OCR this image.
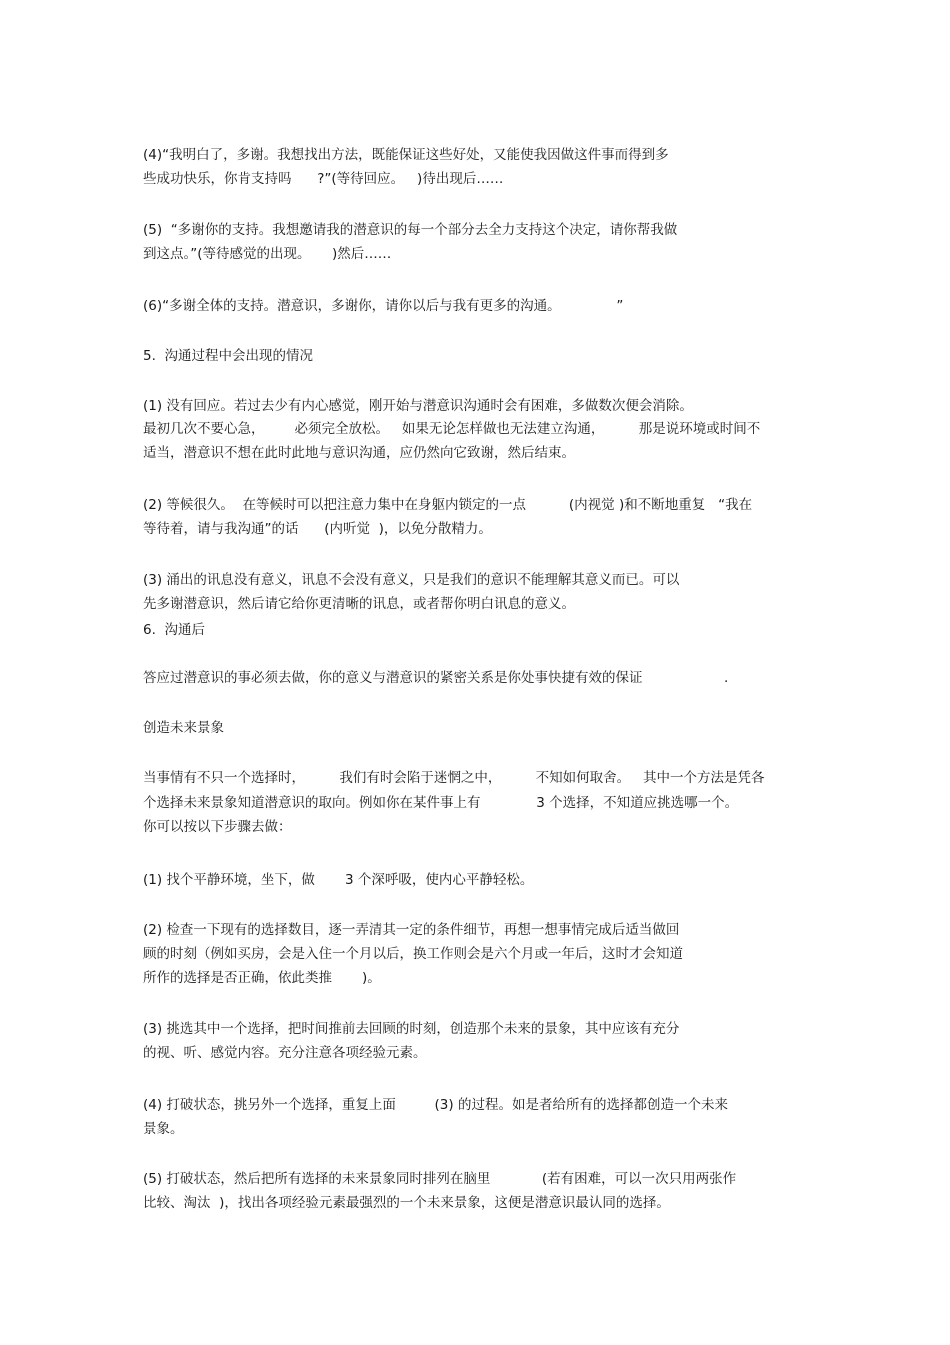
(4)“我明白了，多谢。我想找出方法，既能保证这些好处，又能使我因做这件事而得到多
些成功快乐，你肯支持吗      ?”(等待回应。   )待出现后……
(5)  “多谢你的支持。我想邀请我的潜意识的每一个部分去全力支持这个决定，请你帮我做
到这点。”(等待感觉的出现。     )然后……
(6)“多谢全体的支持。潜意识，多谢你，请你以后与我有更多的沟通。             ”
5.  沟通过程中会出现的情况
(1) 没有回应。若过去少有内心感觉，刚开始与潜意识沟通时会有困难，多做数次便会消除。
最初几次不要心急，       必须完全放松。   如果无论怎样做也无法建立沟通，        那是说环境或时间不
适当，潜意识不想在此时此地与意识沟通，应仍然向它致谢，然后结束。
(2) 等候很久。  在等候时可以把注意力集中在身躯内锁定的一点          (内视觉 )和不断地重复   “我在
等待着，请与我沟通”的话      (内听觉  )，以免分散精力。
(3) 涌出的讯息没有意义，讯息不会没有意义，只是我们的意识不能理解其意义而已。可以
先多谢潜意识，然后请它给你更清晰的讯息，或者帮你明白讯息的意义。
6.  沟通后
答应过潜意识的事必须去做，你的意义与潜意识的紧密关系是你处事快捷有效的保证                   .
创造未来景象
当事情有不只一个选择时，        我们有时会陷于迷惘之中，        不知如何取舍。   其中一个方法是凭各
个选择未来景象知道潜意识的取向。例如你在某件事上有             3 个选择，不知道应挑选哪一个。
你可以按以下步骤去做：
(1) 找个平静环境，坐下，做       3 个深呼吸，使内心平静轻松。
(2) 检查一下现有的选择数目，逐一弄清其一定的条件细节，再想一想事情完成后适当做回
顾的时刻（例如买房，会是入住一个月以后，换工作则会是六个月或一年后，这时才会知道
所作的选择是否正确，依此类推       )。
(3) 挑选其中一个选择，把时间推前去回顾的时刻，创造那个未来的景象，其中应该有充分
的视、听、感觉内容。充分注意各项经验元素。
(4) 打破状态，挑另外一个选择，重复上面         (3) 的过程。如是者给所有的选择都创造一个未来
景象。
(5) 打破状态，然后把所有选择的未来景象同时排列在脑里            (若有困难，可以一次只用两张作
比较、淘汰  )，找出各项经验元素最强烈的一个未来景象，这便是潜意识最认同的选择。
